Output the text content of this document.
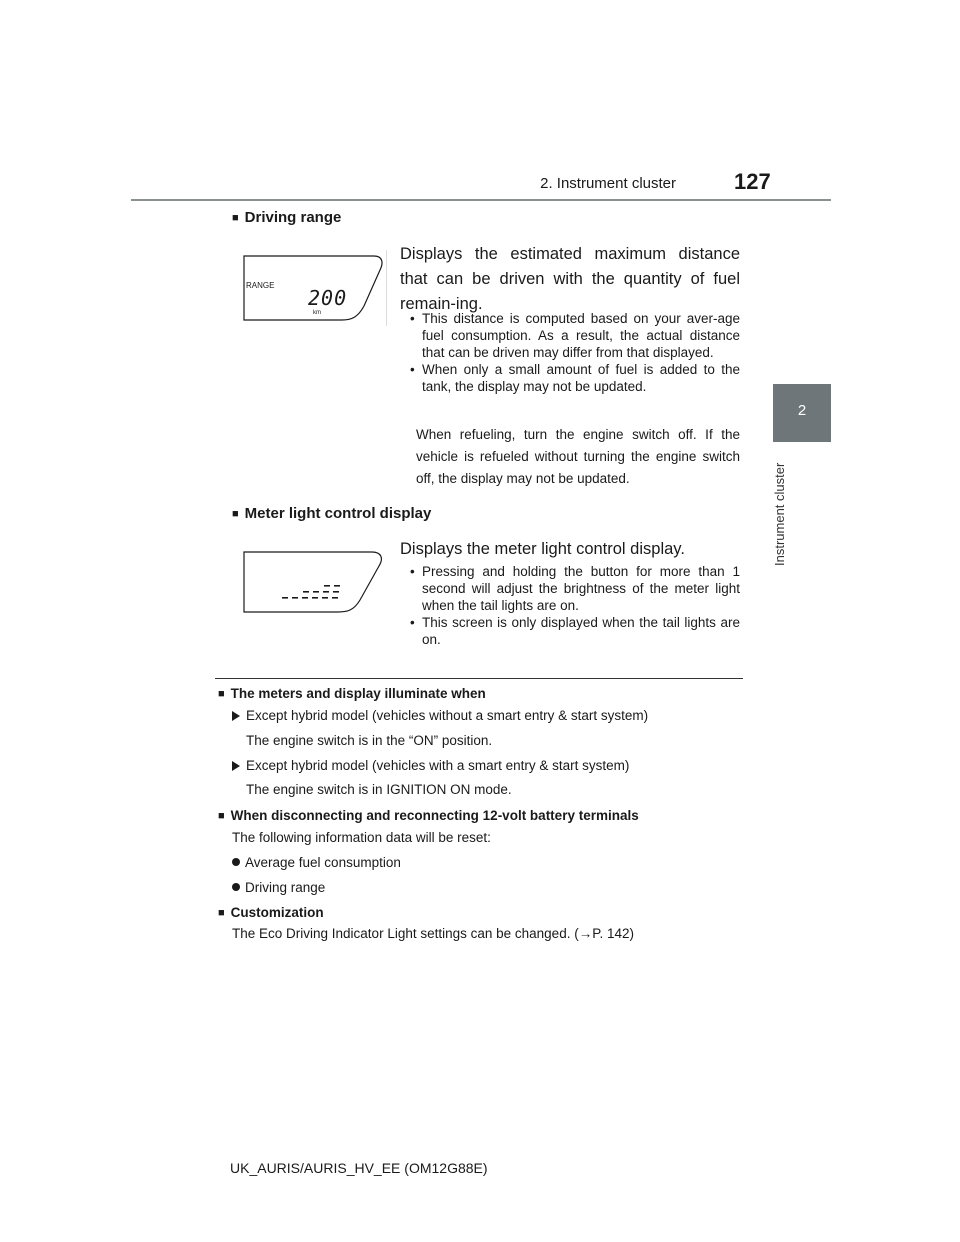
2. Instrument cluster	127
2
Instrument cluster
■ Driving range
RANGE
200
km
Displays the estimated maximum distance that can be driven with the quantity of fuel remain-ing.
• This distance is computed based on your aver-age fuel consumption. As a result, the actual distance that can be driven may differ from that displayed.
• When only a small amount of fuel is added to the tank, the display may not be updated.
When refueling, turn the engine switch off. If the vehicle is refueled without turning the engine switch off, the display may not be updated.
■ Meter light control display
Displays the meter light control display.
• Pressing and holding the button for more than 1 second will adjust the brightness of the meter light when the tail lights are on.
• This screen is only displayed when the tail lights are on.
■ The meters and display illuminate when
Except hybrid model (vehicles without a smart entry & start system)
The engine switch is in the “ON” position.
Except hybrid model (vehicles with a smart entry & start system)
The engine switch is in IGNITION ON mode.
■ When disconnecting and reconnecting 12-volt battery terminals
The following information data will be reset:
Average fuel consumption
Driving range
■ Customization
The Eco Driving Indicator Light settings can be changed. (→P. 142)
UK_AURIS/AURIS_HV_EE (OM12G88E)
